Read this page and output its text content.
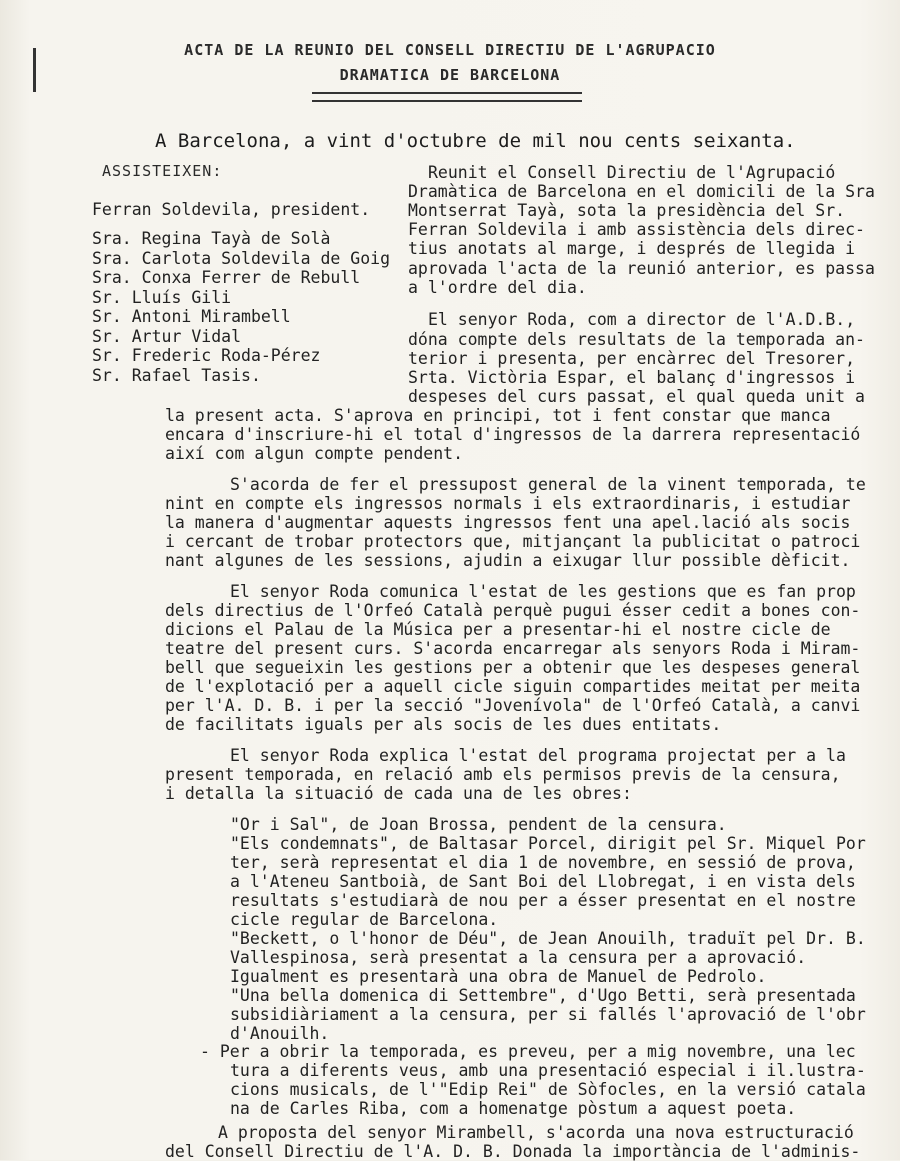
ACTA DE LA REUNIO DEL CONSELL DIRECTIU DE L'AGRUPACIO
DRAMATICA DE BARCELONA
A Barcelona, a vint d'octubre de mil nou cents seixanta.
ASSISTEIXEN:
Ferran Soldevila, president.
Sra. Regina Tayà de Solà
Sra. Carlota Soldevila de Goig
Sra. Conxa Ferrer de Rebull
Sr. Lluís Gili
Sr. Antoni Mirambell
Sr. Artur Vidal
Sr. Frederic Roda-Pérez
Sr. Rafael Tasis.
Reunit el Consell Directiu de l'Agrupació
Dramàtica de Barcelona en el domicili de la Sra
Montserrat Tayà, sota la presidència del Sr.
Ferran Soldevila i amb assistència dels direc-
tius anotats al marge, i després de llegida i
aprovada l'acta de la reunió anterior, es passa
a l'ordre del dia.
El senyor Roda, com a director de l'A.D.B.,
dóna compte dels resultats de la temporada an-
terior i presenta, per encàrrec del Tresorer,
Srta. Victòria Espar, el balanç d'ingressos i
despeses del curs passat, el qual queda unit a
la present acta. S'aprova en principi, tot i fent constar que manca
encara d'inscriure-hi el total d'ingressos de la darrera representació
així com algun compte pendent.
S'acorda de fer el pressupost general de la vinent temporada, te
nint en compte els ingressos normals i els extraordinaris, i estudiar
la manera d'augmentar aquests ingressos fent una apel.lació als socis
i cercant de trobar protectors que, mitjançant la publicitat o patroci
nant algunes de les sessions, ajudin a eixugar llur possible dèficit.
El senyor Roda comunica l'estat de les gestions que es fan prop
dels directius de l'Orfeó Català perquè pugui ésser cedit a bones con-
dicions el Palau de la Música per a presentar-hi el nostre cicle de
teatre del present curs. S'acorda encarregar als senyors Roda i Miram-
bell que segueixin les gestions per a obtenir que les despeses general
de l'explotació per a aquell cicle siguin compartides meitat per meita
per l'A. D. B. i per la secció "Jovenívola" de l'Orfeó Català, a canvi
de facilitats iguals per als socis de les dues entitats.
El senyor Roda explica l'estat del programa projectat per a la
present temporada, en relació amb els permisos previs de la censura,
i detalla la situació de cada una de les obres:
"Or i Sal", de Joan Brossa, pendent de la censura.
"Els condemnats", de Baltasar Porcel, dirigit pel Sr. Miquel Por
ter, serà representat el dia 1 de novembre, en sessió de prova,
a l'Ateneu Santboià, de Sant Boi del Llobregat, i en vista dels
resultats s'estudiarà de nou per a ésser presentat en el nostre
cicle regular de Barcelona.
"Beckett, o l'honor de Déu", de Jean Anouilh, traduït pel Dr. B.
Vallespinosa, serà presentat a la censura per a aprovació.
Igualment es presentarà una obra de Manuel de Pedrolo.
"Una bella domenica di Settembre", d'Ugo Betti, serà presentada
subsidiàriament a la censura, per si fallés l'aprovació de l'obr
d'Anouilh.
- Per a obrir la temporada, es preveu, per a mig novembre, una lec
tura a diferents veus, amb una presentació especial i il.lustra-
cions musicals, de l'"Edip Rei" de Sòfocles, en la versió catala
na de Carles Riba, com a homenatge pòstum a aquest poeta.
A proposta del senyor Mirambell, s'acorda una nova estructuració
del Consell Directiu de l'A. D. B. Donada la importància de l'adminis-
